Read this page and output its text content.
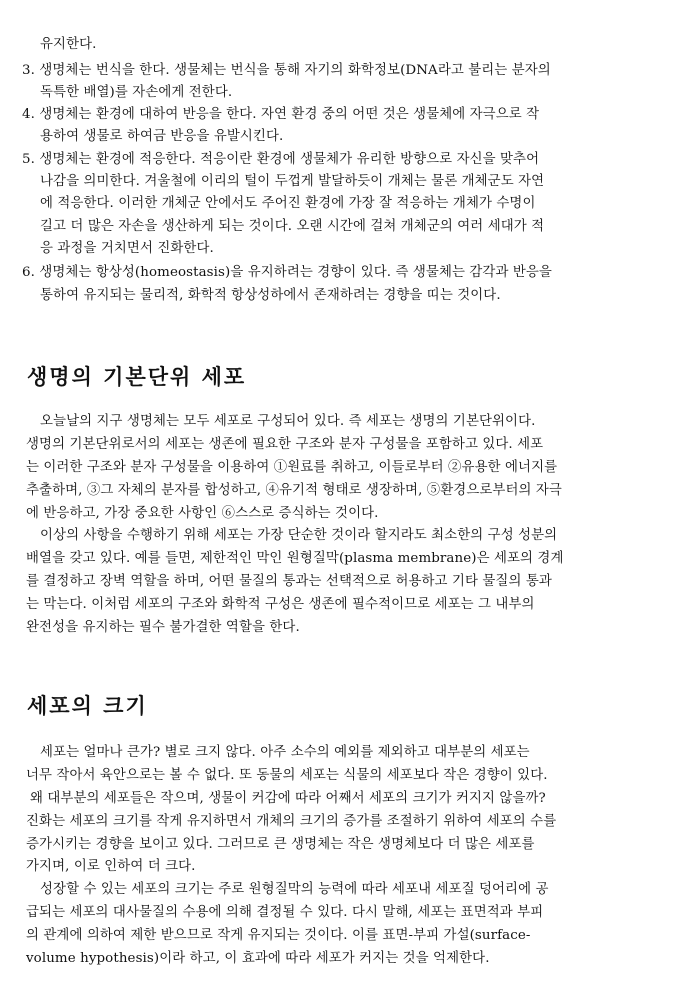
유지한다.
3. 생명체는 번식을 한다. 생물체는 번식을 통해 자기의 화학정보(DNA라고 불리는 분자의
독특한 배열)를 자손에게 전한다.
4. 생명체는 환경에 대하여 반응을 한다. 자연 환경 중의 어떤 것은 생물체에 자극으로 작
용하여 생물로 하여금 반응을 유발시킨다.
5. 생명체는 환경에 적응한다. 적응이란 환경에 생물체가 유리한 방향으로 자신을 맞추어
나감을 의미한다. 겨울철에 이리의 털이 두껍게 발달하듯이 개체는 물론 개체군도 자연
에 적응한다. 이러한 개체군 안에서도 주어진 환경에 가장 잘 적응하는 개체가 수명이
길고 더 많은 자손을 생산하게 되는 것이다. 오랜 시간에 걸쳐 개체군의 여러 세대가 적
응 과정을 거치면서 진화한다.
6. 생명체는 항상성(homeostasis)을 유지하려는 경향이 있다. 즉 생물체는 감각과 반응을
통하여 유지되는 물리적, 화학적 항상성하에서 존재하려는 경향을 띠는 것이다.
생명의 기본단위 세포
오늘날의 지구 생명체는 모두 세포로 구성되어 있다. 즉 세포는 생명의 기본단위이다.
생명의 기본단위로서의 세포는 생존에 필요한 구조와 분자 구성물을 포함하고 있다. 세포
는 이러한 구조와 분자 구성물을 이용하여 ①원료를 취하고, 이들로부터 ②유용한 에너지를
추출하며, ③그 자체의 분자를 합성하고, ④유기적 형태로 생장하며, ⑤환경으로부터의 자극
에 반응하고, 가장 중요한 사항인 ⑥스스로 증식하는 것이다.
이상의 사항을 수행하기 위해 세포는 가장 단순한 것이라 할지라도 최소한의 구성 성분의
배열을 갖고 있다. 예를 들면, 제한적인 막인 원형질막(plasma membrane)은 세포의 경계
를 결정하고 장벽 역할을 하며, 어떤 물질의 통과는 선택적으로 허용하고 기타 물질의 통과
는 막는다. 이처럼 세포의 구조와 화학적 구성은 생존에 필수적이므로 세포는 그 내부의
완전성을 유지하는 필수 불가결한 역할을 한다.
세포의 크기
세포는 얼마나 큰가? 별로 크지 않다. 아주 소수의 예외를 제외하고 대부분의 세포는
너무 작아서 육안으로는 볼 수 없다. 또 동물의 세포는 식물의 세포보다 작은 경향이 있다.
왜 대부분의 세포들은 작으며, 생물이 커감에 따라 어째서 세포의 크기가 커지지 않을까?
진화는 세포의 크기를 작게 유지하면서 개체의 크기의 증가를 조절하기 위하여 세포의 수를
증가시키는 경향을 보이고 있다. 그러므로 큰 생명체는 작은 생명체보다 더 많은 세포를
가지며, 이로 인하여 더 크다.
성장할 수 있는 세포의 크기는 주로 원형질막의 능력에 따라 세포내 세포질 덩어리에 공
급되는 세포의 대사물질의 수용에 의해 결정될 수 있다. 다시 말해, 세포는 표면적과 부피
의 관계에 의하여 제한 받으므로 작게 유지되는 것이다. 이를 표면-부피 가설(surface-
volume hypothesis)이라 하고, 이 효과에 따라 세포가 커지는 것을 억제한다.
